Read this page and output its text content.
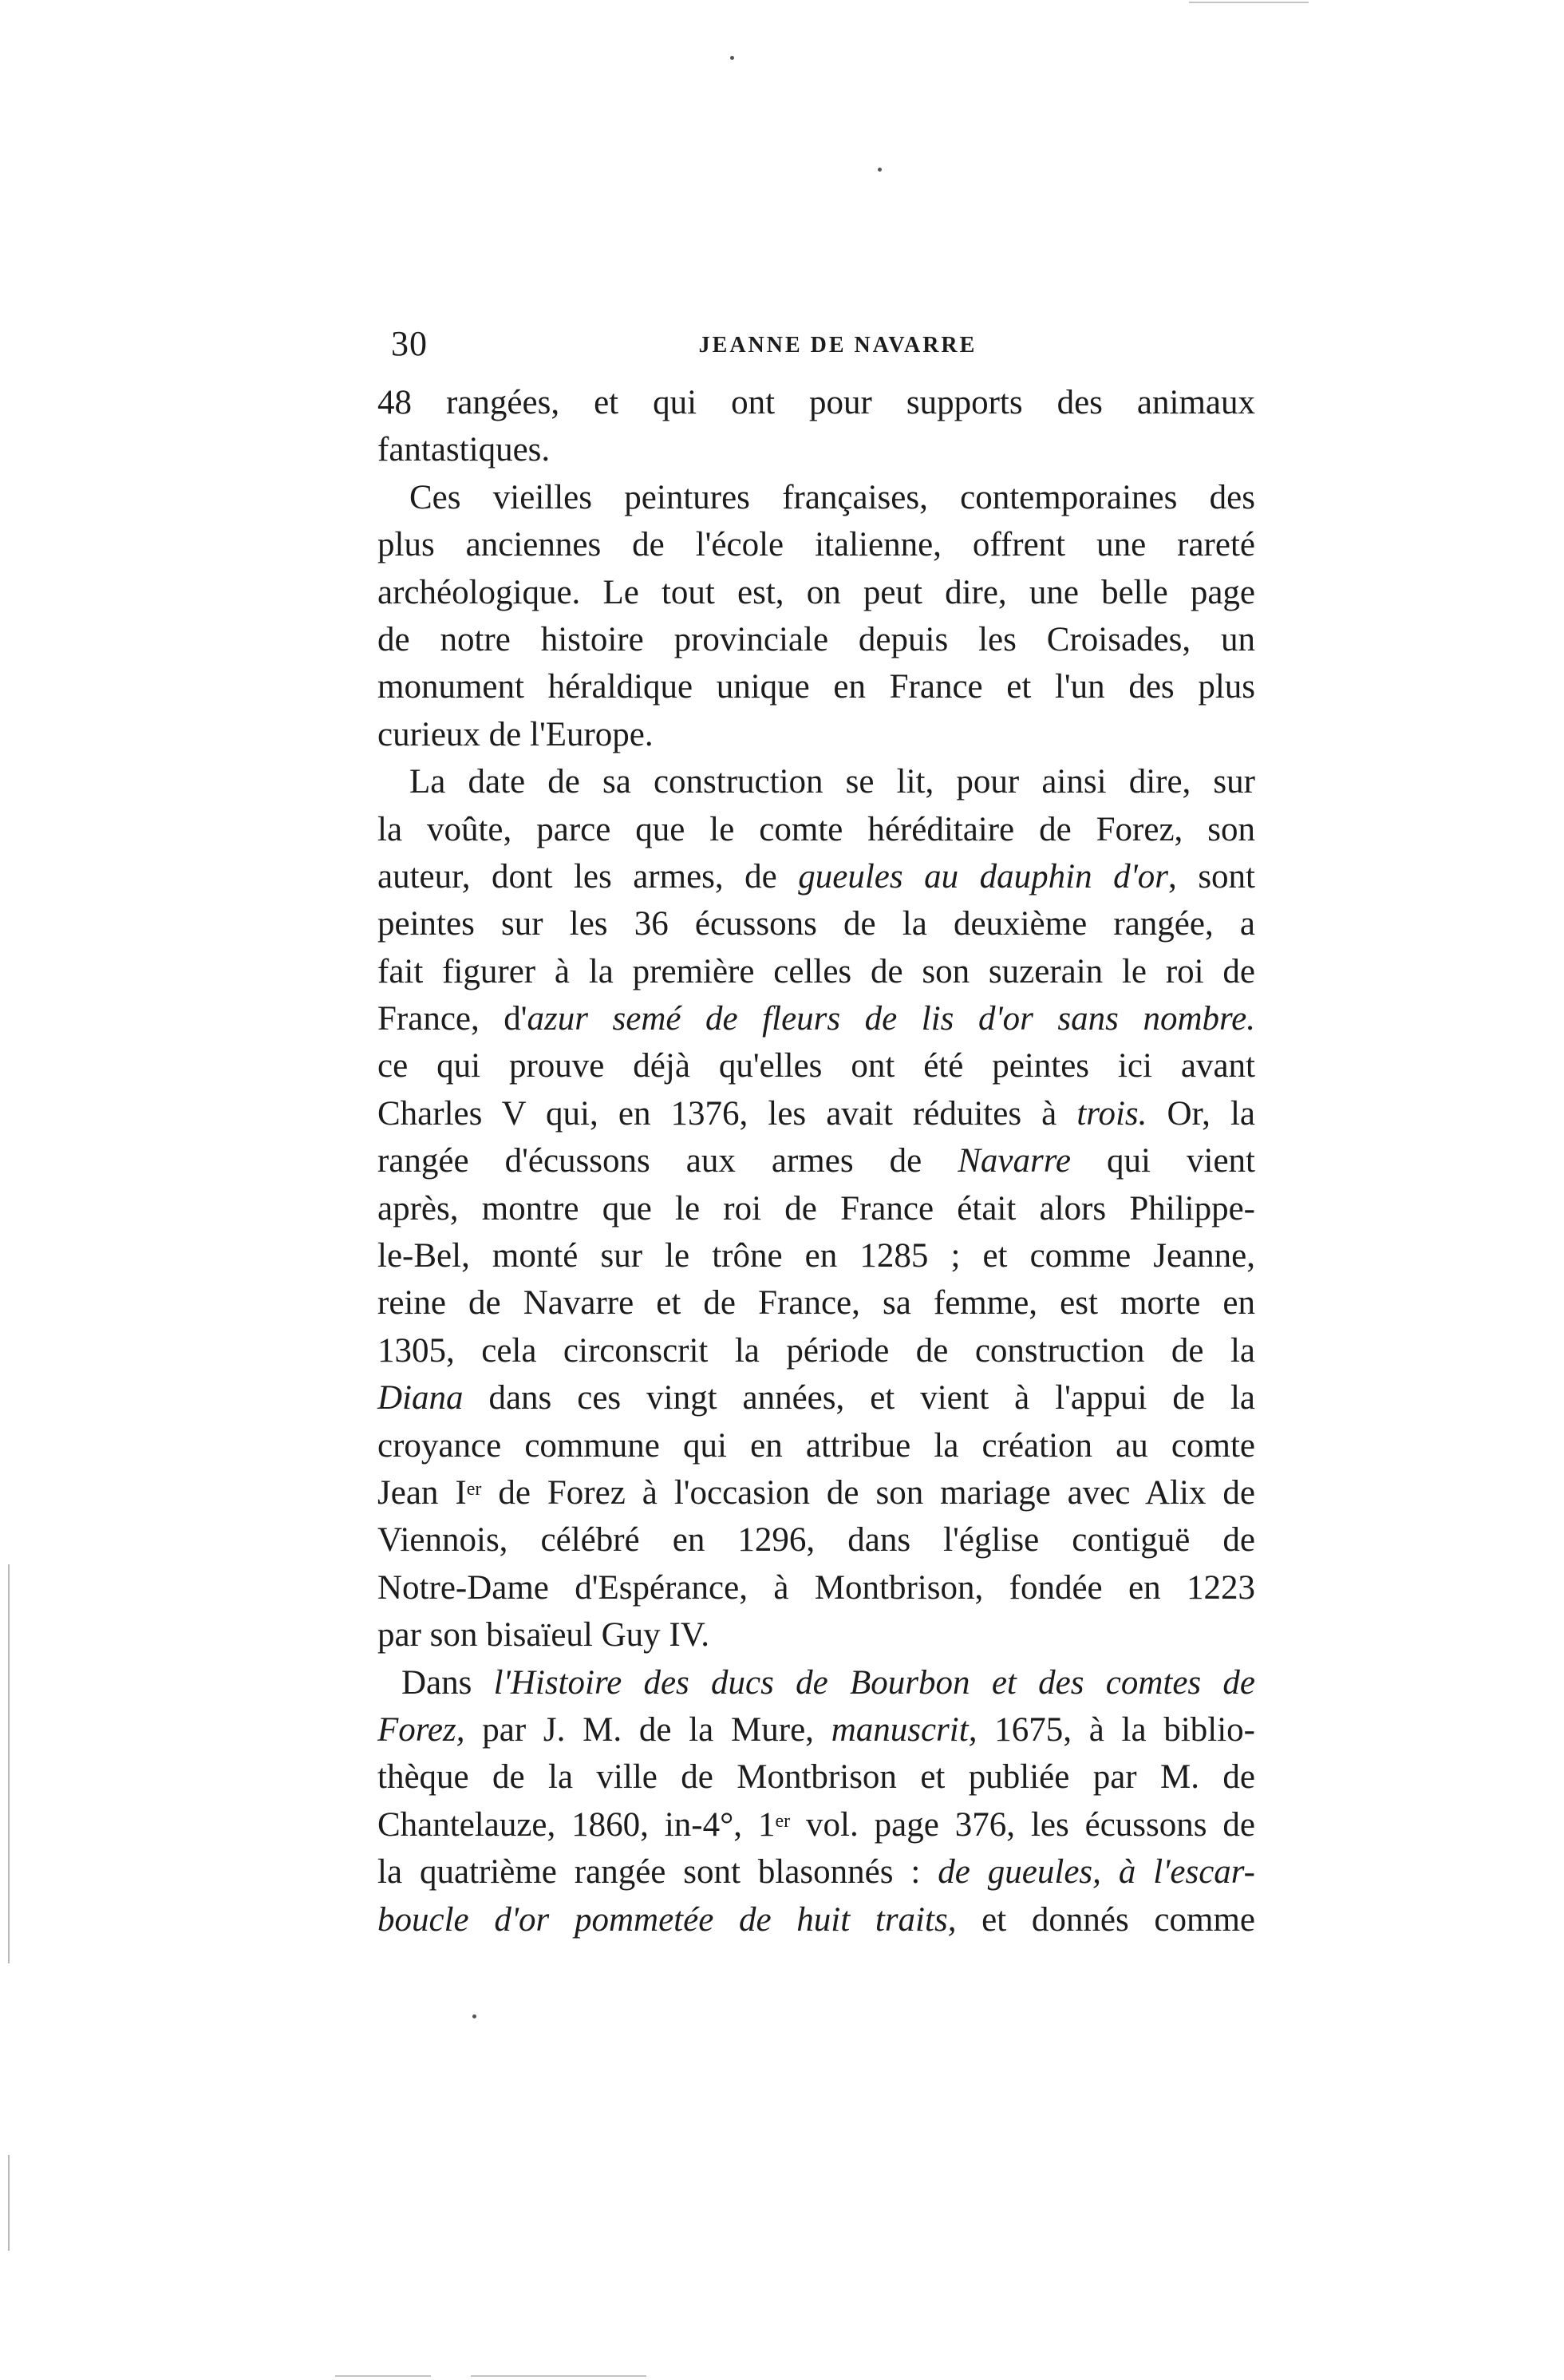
30	JEANNE DE NAVARRE
48 rangées, et qui ont pour supports des animaux
fantastiques.
Ces vieilles peintures françaises, contemporaines des
plus anciennes de l'école italienne, offrent une rareté
archéologique. Le tout est, on peut dire, une belle page
de notre histoire provinciale depuis les Croisades, un
monument héraldique unique en France et l'un des plus
curieux de l'Europe.
La date de sa construction se lit, pour ainsi dire, sur
la voûte, parce que le comte héréditaire de Forez, son
auteur, dont les armes, de gueules au dauphin d'or, sont
peintes sur les 36 écussons de la deuxième rangée, a
fait figurer à la première celles de son suzerain le roi de
France, d'azur semé de fleurs de lis d'or sans nombre.
ce qui prouve déjà qu'elles ont été peintes ici avant
Charles V qui, en 1376, les avait réduites à trois. Or, la
rangée d'écussons aux armes de Navarre qui vient
après, montre que le roi de France était alors Philippe-
le-Bel, monté sur le trône en 1285 ; et comme Jeanne,
reine de Navarre et de France, sa femme, est morte en
1305, cela circonscrit la période de construction de la
Diana dans ces vingt années, et vient à l'appui de la
croyance commune qui en attribue la création au comte
Jean Ier de Forez à l'occasion de son mariage avec Alix de
Viennois, célébré en 1296, dans l'église contiguë de
Notre-Dame d'Espérance, à Montbrison, fondée en 1223
par son bisaïeul Guy IV.
Dans l'Histoire des ducs de Bourbon et des comtes de
Forez, par J. M. de la Mure, manuscrit, 1675, à la biblio-
thèque de la ville de Montbrison et publiée par M. de
Chantelauze, 1860, in-4°, 1er vol. page 376, les écussons de
la quatrième rangée sont blasonnés : de gueules, à l'escar-
boucle d'or pommetée de huit traits, et donnés comme
